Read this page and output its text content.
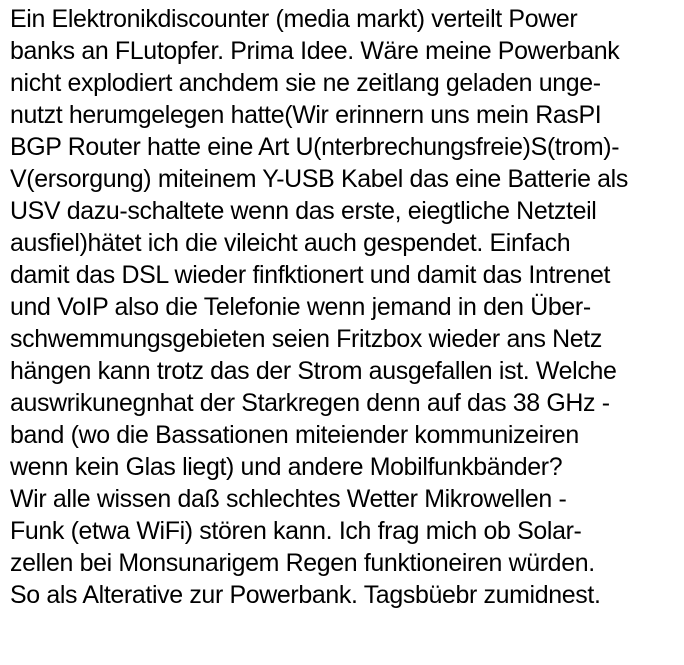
Ein Elektronikdiscounter (media markt) verteilt Power
banks an FLutopfer. Prima Idee. Wäre meine Powerbank
nicht explodiert anchdem sie ne zeitlang geladen unge-
nutzt herumgelegen hatte(Wir erinnern uns mein RasPI
BGP Router hatte eine Art U(nterbrechungsfreie)S(trom)-
V(ersorgung) miteinem Y-USB Kabel das eine Batterie als
USV dazu-schaltete wenn das erste, eiegtliche Netzteil
ausfiel)hätet ich die vileicht auch gespendet. Einfach
damit das DSL wieder finfktionert und damit das Intrenet
und VoIP also die Telefonie wenn jemand in den Über-
schwemmungsgebieten seien Fritzbox wieder ans Netz
hängen kann trotz das der Strom ausgefallen ist. Welche
auswrikunegnhat der Starkregen denn auf das 38 GHz -
band (wo die Bassationen miteiender kommunizeiren
wenn kein Glas liegt) und andere Mobilfunkbänder?
Wir alle wissen daß schlechtes Wetter Mikrowellen -
Funk (etwa WiFi) stören kann. Ich frag mich ob Solar-
zellen bei Monsunarigem Regen funktioneiren würden.
So als Alterative zur Powerbank. Tagsbüebr zumidnest.
